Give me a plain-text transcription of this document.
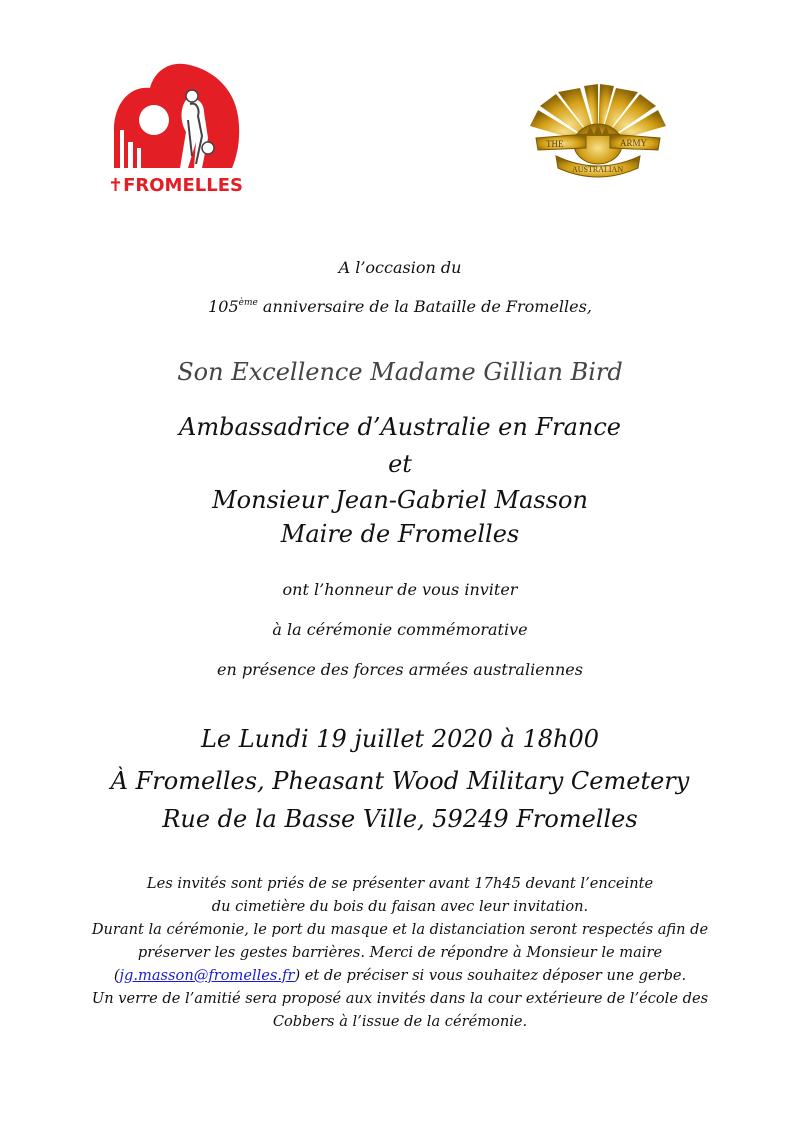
✝FROMELLES
THE	ARMY
AUSTRALIAN
A l’occasion du
105ème anniversaire de la Bataille de Fromelles,
Son Excellence Madame Gillian Bird
Ambassadrice d’Australie en France
et
Monsieur Jean-Gabriel Masson
Maire de Fromelles
ont l’honneur de vous inviter
à la cérémonie commémorative
en présence des forces armées australiennes
Le Lundi 19 juillet 2020 à 18h00
À Fromelles, Pheasant Wood Military Cemetery
Rue de la Basse Ville, 59249 Fromelles
Les invités sont priés de se présenter avant 17h45 devant l’enceinte
du cimetière du bois du faisan avec leur invitation.
Durant la cérémonie, le port du masque et la distanciation seront respectés afin de
préserver les gestes barrières. Merci de répondre à Monsieur le maire
(jg.masson@fromelles.fr) et de préciser si vous souhaitez déposer une gerbe.
Un verre de l’amitié sera proposé aux invités dans la cour extérieure de l’école des
Cobbers à l’issue de la cérémonie.
